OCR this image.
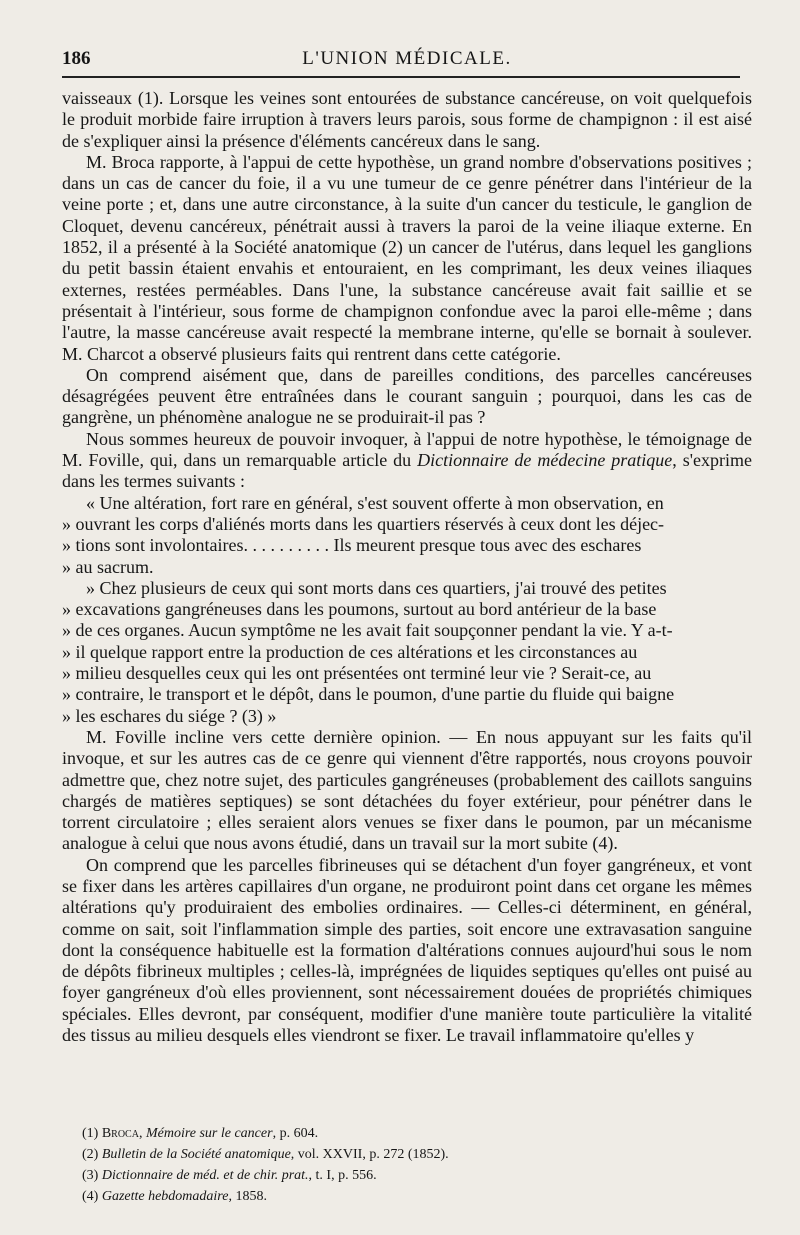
186	L'UNION MÉDICALE.

vaisseaux (1). Lorsque les veines sont entourées de substance cancéreuse, on voit quelquefois le produit morbide faire irruption à travers leurs parois, sous forme de champignon : il est aisé de s'expliquer ainsi la présence d'éléments cancéreux dans le sang.

M. Broca rapporte, à l'appui de cette hypothèse, un grand nombre d'observations positives ; dans un cas de cancer du foie, il a vu une tumeur de ce genre pénétrer dans l'intérieur de la veine porte ; et, dans une autre circonstance, à la suite d'un cancer du testicule, le ganglion de Cloquet, devenu cancéreux, pénétrait aussi à travers la paroi de la veine iliaque externe. En 1852, il a présenté à la Société anatomique (2) un cancer de l'utérus, dans lequel les ganglions du petit bassin étaient envahis et entouraient, en les comprimant, les deux veines iliaques externes, restées perméables. Dans l'une, la substance cancéreuse avait fait saillie et se présentait à l'intérieur, sous forme de champignon confondue avec la paroi elle-même ; dans l'autre, la masse cancéreuse avait respecté la membrane interne, qu'elle se bornait à soulever. M. Charcot a observé plusieurs faits qui rentrent dans cette catégorie.

On comprend aisément que, dans de pareilles conditions, des parcelles cancéreuses désagrégées peuvent être entraînées dans le courant sanguin ; pourquoi, dans les cas de gangrène, un phénomène analogue ne se produirait-il pas ?

Nous sommes heureux de pouvoir invoquer, à l'appui de notre hypothèse, le témoignage de M. Foville, qui, dans un remarquable article du Dictionnaire de médecine pratique, s'exprime dans les termes suivants :

« Une altération, fort rare en général, s'est souvent offerte à mon observation, en
» ouvrant les corps d'aliénés morts dans les quartiers réservés à ceux dont les déjec-
» tions sont involontaires. . . . . . . . . . Ils meurent presque tous avec des eschares
» au sacrum.
» Chez plusieurs de ceux qui sont morts dans ces quartiers, j'ai trouvé des petites
» excavations gangréneuses dans les poumons, surtout au bord antérieur de la base
» de ces organes. Aucun symptôme ne les avait fait soupçonner pendant la vie. Y a-t-
» il quelque rapport entre la production de ces altérations et les circonstances au
» milieu desquelles ceux qui les ont présentées ont terminé leur vie ? Serait-ce, au
» contraire, le transport et le dépôt, dans le poumon, d'une partie du fluide qui baigne
» les eschares du siége ? (3) »

M. Foville incline vers cette dernière opinion. — En nous appuyant sur les faits qu'il invoque, et sur les autres cas de ce genre qui viennent d'être rapportés, nous croyons pouvoir admettre que, chez notre sujet, des particules gangréneuses (probablement des caillots sanguins chargés de matières septiques) se sont détachées du foyer extérieur, pour pénétrer dans le torrent circulatoire ; elles seraient alors venues se fixer dans le poumon, par un mécanisme analogue à celui que nous avons étudié, dans un travail sur la mort subite (4).

On comprend que les parcelles fibrineuses qui se détachent d'un foyer gangréneux, et vont se fixer dans les artères capillaires d'un organe, ne produiront point dans cet organe les mêmes altérations qu'y produiraient des embolies ordinaires. — Celles-ci déterminent, en général, comme on sait, soit l'inflammation simple des parties, soit encore une extravasation sanguine dont la conséquence habituelle est la formation d'altérations connues aujourd'hui sous le nom de dépôts fibrineux multiples ; celles-là, imprégnées de liquides septiques qu'elles ont puisé au foyer gangréneux d'où elles proviennent, sont nécessairement douées de propriétés chimiques spéciales. Elles devront, par conséquent, modifier d'une manière toute particulière la vitalité des tissus au milieu desquels elles viendront se fixer. Le travail inflammatoire qu'elles y

(1) Broca, Mémoire sur le cancer, p. 604.

(2) Bulletin de la Société anatomique, vol. XXVII, p. 272 (1852).

(3) Dictionnaire de méd. et de chir. prat., t. I, p. 556.

(4) Gazette hebdomadaire, 1858.
